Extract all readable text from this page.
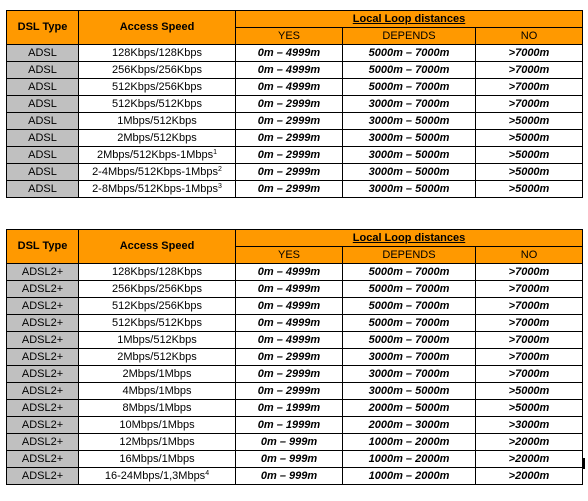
DSL Type	Access Speed	Local Loop distances		
		YES	DEPENDS	NO
ADSL	128Kbps/128Kbps	0m – 4999m	5000m – 7000m	>7000m
ADSL	256Kbps/256Kbps	0m – 4999m	5000m – 7000m	>7000m
ADSL	512Kbps/256Kbps	0m – 4999m	5000m – 7000m	>7000m
ADSL	512Kbps/512Kbps	0m – 2999m	3000m – 7000m	>7000m
ADSL	1Mbps/512Kbps	0m – 2999m	3000m – 5000m	>5000m
ADSL	2Mbps/512Kbps	0m – 2999m	3000m – 5000m	>5000m
ADSL	2Mbps/512Kbps-1Mbps$^1$	0m – 2999m	3000m – 5000m	>5000m
ADSL	2-4Mbps/512Kbps-1Mbps$^2$	0m – 2999m	3000m – 5000m	>5000m
ADSL	2-8Mbps/512Kbps-1Mbps$^3$	0m – 2999m	3000m – 5000m	>5000m
DSL Type	Access Speed	Local Loop distances		
		YES	DEPENDS	NO
ADSL2+	128Kbps/128Kbps	0m – 4999m	5000m – 7000m	>7000m
ADSL2+	256Kbps/256Kbps	0m – 4999m	5000m – 7000m	>7000m
ADSL2+	512Kbps/256Kbps	0m – 4999m	5000m – 7000m	>7000m
ADSL2+	512Kbps/512Kbps	0m – 4999m	5000m – 7000m	>7000m
ADSL2+	1Mbps/512Kbps	0m – 4999m	5000m – 7000m	>7000m
ADSL2+	2Mbps/512Kbps	0m – 2999m	3000m – 7000m	>7000m
ADSL2+	2Mbps/1Mbps	0m – 2999m	3000m – 7000m	>7000m
ADSL2+	4Mbps/1Mbps	0m – 2999m	3000m – 5000m	>5000m
ADSL2+	8Mbps/1Mbps	0m – 1999m	2000m – 5000m	>5000m
ADSL2+	10Mbps/1Mbps	0m – 1999m	2000m – 3000m	>3000m
ADSL2+	12Mbps/1Mbps	0m – 999m	1000m – 2000m	>2000m
ADSL2+	16Mbps/1Mbps	0m – 999m	1000m – 2000m	>2000m
ADSL2+	16-24Mbps/1,3Mbps$^4$	0m – 999m	1000m – 2000m	>2000m
